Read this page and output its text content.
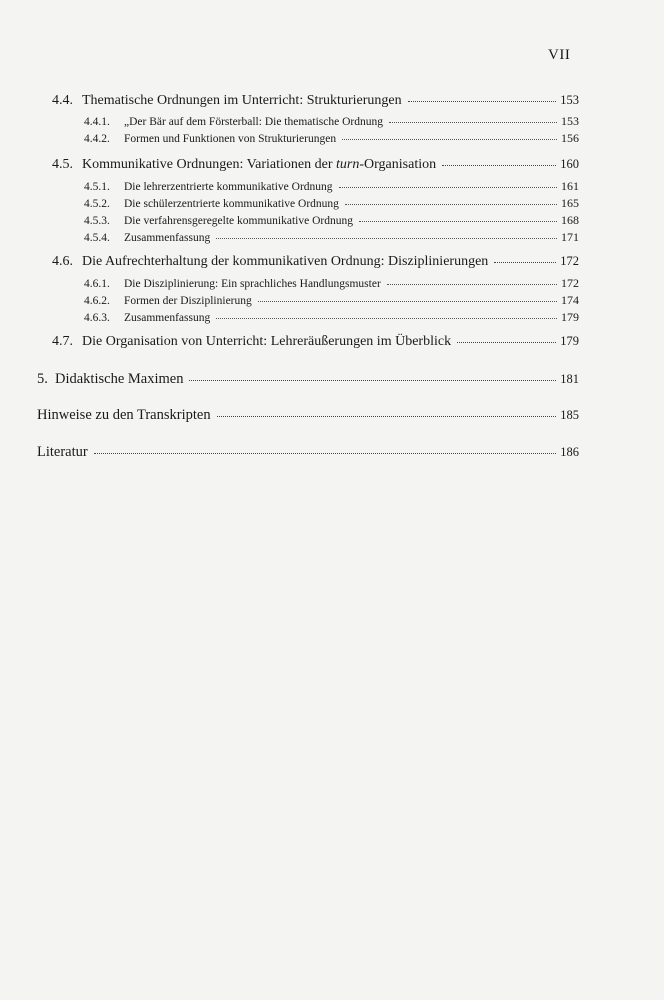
VII
4.4. Thematische Ordnungen im Unterricht: Strukturierungen	153
4.4.1.	„Der Bär auf dem Försterball: Die thematische Ordnung	153
4.4.2.	Formen und Funktionen von Strukturierungen	156
4.5. Kommunikative Ordnungen: Variationen der turn-Organisation	160
4.5.1.	Die lehrerzentrierte kommunikative Ordnung	161
4.5.2.	Die schülerzentrierte kommunikative Ordnung	165
4.5.3.	Die verfahrensgeregelte kommunikative Ordnung	168
4.5.4.	Zusammenfassung	171
4.6. Die Aufrechterhaltung der kommunikativen Ordnung: Disziplinierungen	172
4.6.1.	Die Disziplinierung: Ein sprachliches Handlungsmuster	172
4.6.2.	Formen der Disziplinierung	174
4.6.3.	Zusammenfassung	179
4.7. Die Organisation von Unterricht: Lehreräußerungen im Überblick	179
5. Didaktische Maximen	181
Hinweise zu den Transkripten	185
Literatur	186
